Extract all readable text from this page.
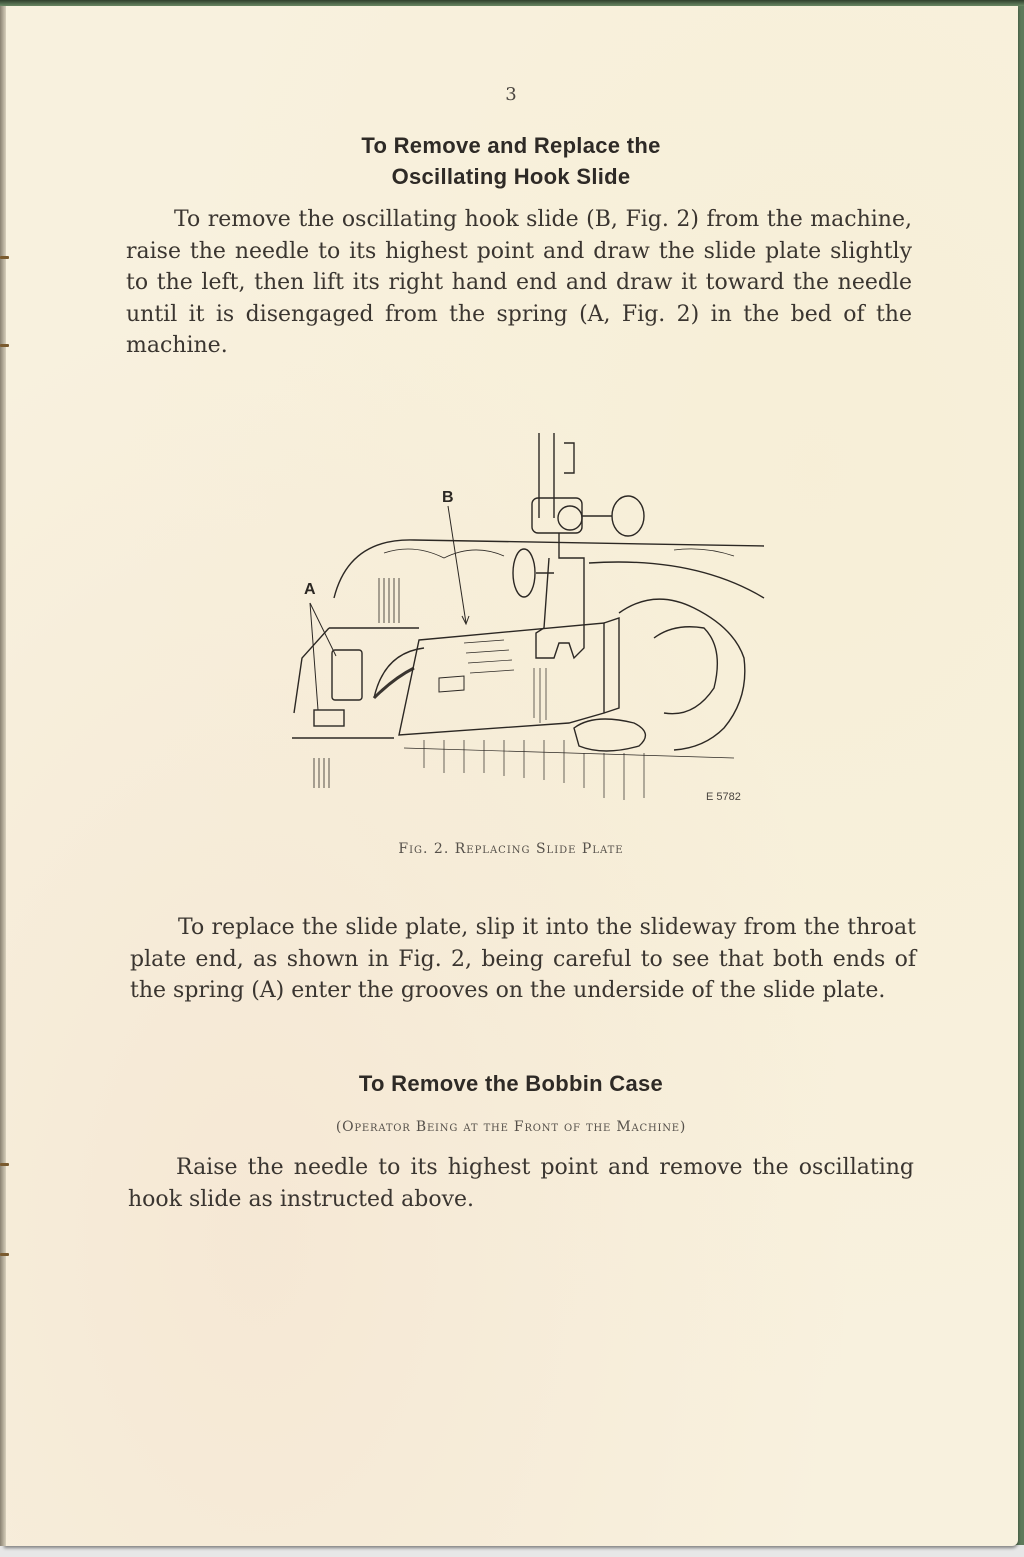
3
To Remove and Replace the
Oscillating Hook Slide
To remove the oscillating hook slide (B, Fig. 2) from the machine, raise the needle to its highest point and draw the slide plate slightly to the left, then lift its right hand end and draw it toward the needle until it is disengaged from the spring (A, Fig. 2) in the bed of the machine.
B
A
E 5782
Fig. 2. Replacing Slide Plate
To replace the slide plate, slip it into the slideway from the throat plate end, as shown in Fig. 2, being careful to see that both ends of the spring (A) enter the grooves on the underside of the slide plate.
To Remove the Bobbin Case
(Operator Being at the Front of the Machine)
Raise the needle to its highest point and remove the oscillating hook slide as instructed above.
